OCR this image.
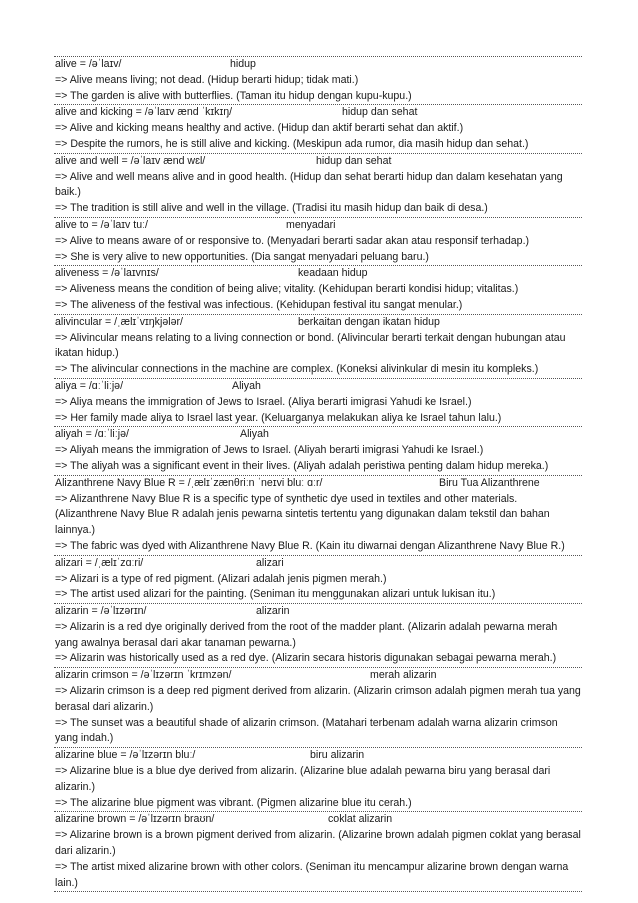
alive = /əˈlaɪv/	hidup

=> Alive means living; not dead. (Hidup berarti hidup; tidak mati.)

=> The garden is alive with butterflies. (Taman itu hidup dengan kupu-kupu.)

alive and kicking = /əˈlaɪv ænd ˈkɪkɪŋ/	hidup dan sehat

=> Alive and kicking means healthy and active. (Hidup dan aktif berarti sehat dan aktif.)

=> Despite the rumors, he is still alive and kicking. (Meskipun ada rumor, dia masih hidup dan sehat.)

alive and well = /əˈlaɪv ænd wɛl/	hidup dan sehat

=> Alive and well means alive and in good health. (Hidup dan sehat berarti hidup dan dalam kesehatan yang baik.)

=> The tradition is still alive and well in the village. (Tradisi itu masih hidup dan baik di desa.)

alive to = /əˈlaɪv tuː/	menyadari

=> Alive to means aware of or responsive to. (Menyadari berarti sadar akan atau responsif terhadap.)

=> She is very alive to new opportunities. (Dia sangat menyadari peluang baru.)

aliveness = /əˈlaɪvnɪs/	keadaan hidup

=> Aliveness means the condition of being alive; vitality. (Kehidupan berarti kondisi hidup; vitalitas.)

=> The aliveness of the festival was infectious. (Kehidupan festival itu sangat menular.)

alivincular = /ˌælɪˈvɪŋkjələr/	berkaitan dengan ikatan hidup

=> Alivincular means relating to a living connection or bond. (Alivincular berarti terkait dengan hubungan atau ikatan hidup.)

=> The alivincular connections in the machine are complex. (Koneksi alivinkular di mesin itu kompleks.)

aliya = /ɑːˈliːjə/	Aliyah

=> Aliya means the immigration of Jews to Israel. (Aliya berarti imigrasi Yahudi ke Israel.)

=> Her family made aliya to Israel last year. (Keluarganya melakukan aliya ke Israel tahun lalu.)

aliyah = /ɑːˈliːjə/	Aliyah

=> Aliyah means the immigration of Jews to Israel. (Aliyah berarti imigrasi Yahudi ke Israel.)

=> The aliyah was a significant event in their lives. (Aliyah adalah peristiwa penting dalam hidup mereka.)

Alizanthrene Navy Blue R = /ˌælɪˈzænθriːn ˈneɪvi bluː ɑːr/	Biru Tua Alizanthrene

=> Alizanthrene Navy Blue R is a specific type of synthetic dye used in textiles and other materials. (Alizanthrene Navy Blue R adalah jenis pewarna sintetis tertentu yang digunakan dalam tekstil dan bahan lainnya.)

=> The fabric was dyed with Alizanthrene Navy Blue R. (Kain itu diwarnai dengan Alizanthrene Navy Blue R.)

alizari = /ˌælɪˈzɑːri/	alizari

=> Alizari is a type of red pigment. (Alizari adalah jenis pigmen merah.)

=> The artist used alizari for the painting. (Seniman itu menggunakan alizari untuk lukisan itu.)

alizarin = /əˈlɪzərɪn/	alizarin

=> Alizarin is a red dye originally derived from the root of the madder plant. (Alizarin adalah pewarna merah yang awalnya berasal dari akar tanaman pewarna.)

=> Alizarin was historically used as a red dye. (Alizarin secara historis digunakan sebagai pewarna merah.)

alizarin crimson = /əˈlɪzərɪn ˈkrɪmzən/	merah alizarin

=> Alizarin crimson is a deep red pigment derived from alizarin. (Alizarin crimson adalah pigmen merah tua yang berasal dari alizarin.)

=> The sunset was a beautiful shade of alizarin crimson. (Matahari terbenam adalah warna alizarin crimson yang indah.)

alizarine blue = /əˈlɪzərɪn bluː/	biru alizarin

=> Alizarine blue is a blue dye derived from alizarin. (Alizarine blue adalah pewarna biru yang berasal dari alizarin.)

=> The alizarine blue pigment was vibrant. (Pigmen alizarine blue itu cerah.)

alizarine brown = /əˈlɪzərɪn braʊn/	coklat alizarin

=> Alizarine brown is a brown pigment derived from alizarin. (Alizarine brown adalah pigmen coklat yang berasal dari alizarin.)

=> The artist mixed alizarine brown with other colors. (Seniman itu mencampur alizarine brown dengan warna lain.)
